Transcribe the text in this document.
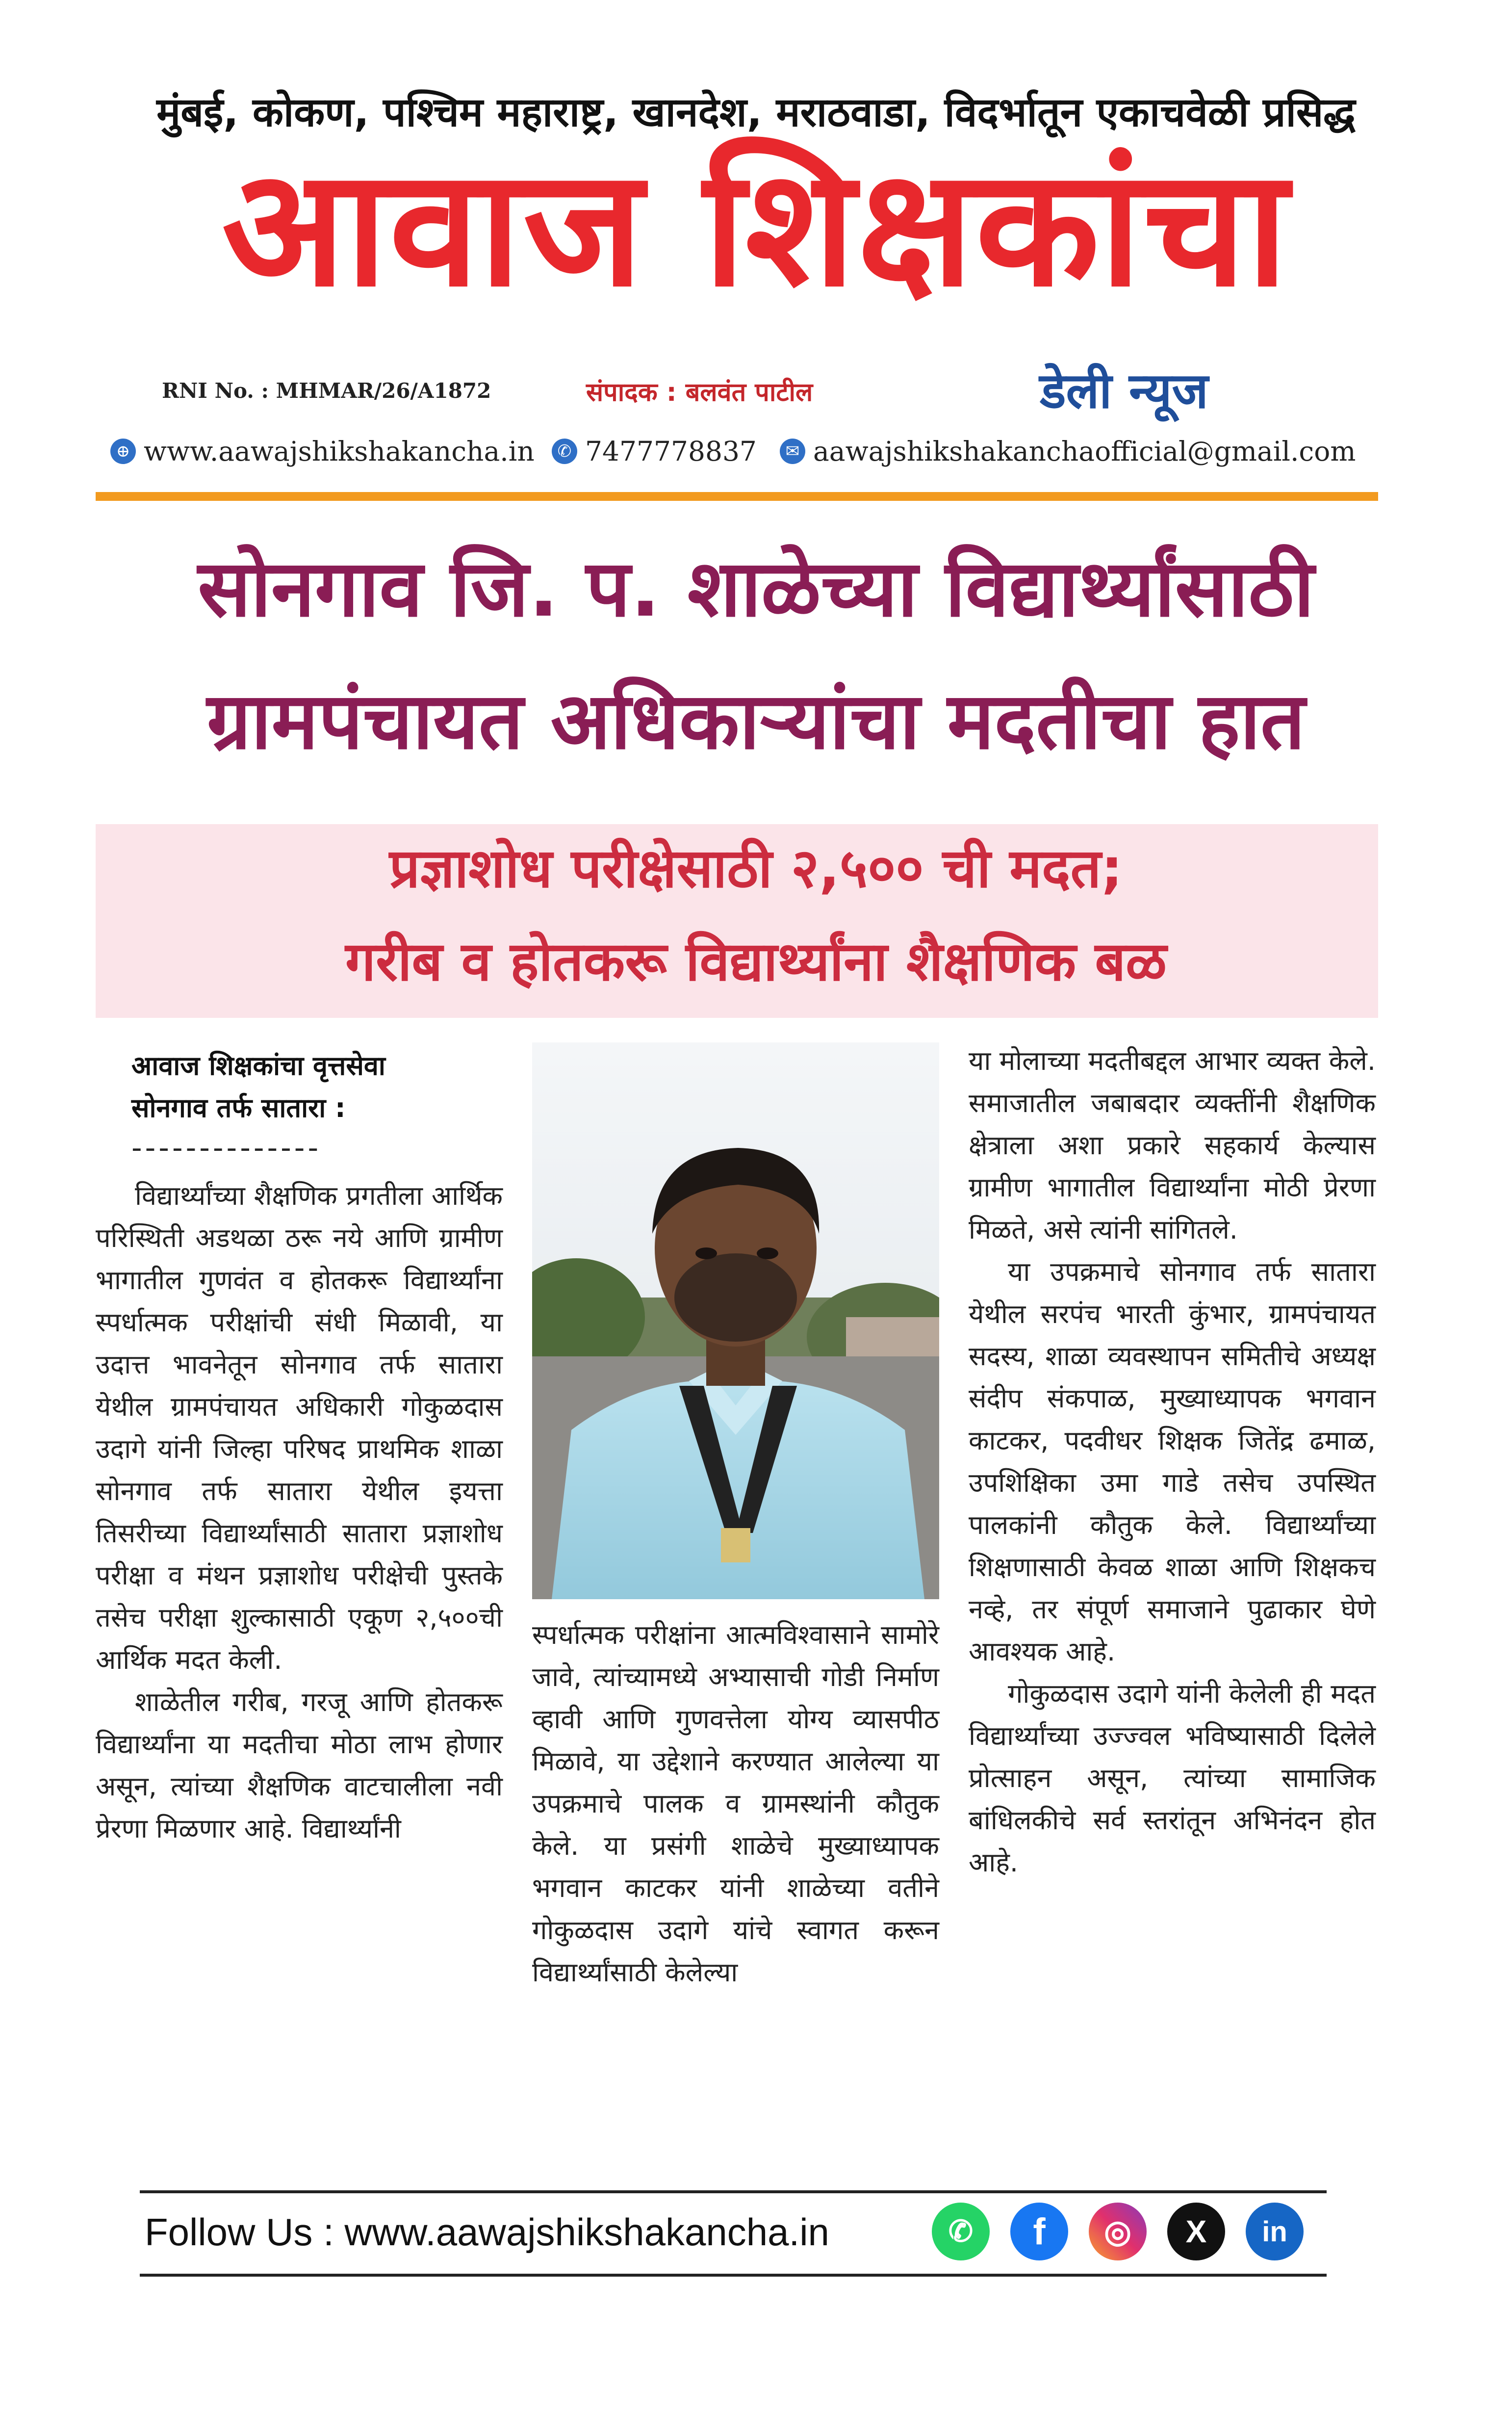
मुंबई, कोकण, पश्चिम महाराष्ट्र, खानदेश, मराठवाडा, विदर्भातून एकाचवेळी प्रसिद्ध
आवाज शिक्षकांचा
RNI No. : MHMAR/26/A1872	संपादक : बलवंत पाटील	डेली न्यूज
⊕ www.aawajshikshakancha.in	✆ 7477778837	✉ aawajshikshakanchaofficial@gmail.com
सोनगाव जि. प. शाळेच्या विद्यार्थ्यांसाठी
ग्रामपंचायत अधिकाऱ्यांचा मदतीचा हात
प्रज्ञाशोध परीक्षेसाठी २,५०० ची मदत;
गरीब व होतकरू विद्यार्थ्यांना शैक्षणिक बळ
आवाज शिक्षकांचा वृत्तसेवा
सोनगाव तर्फ सातारा :
--------------

विद्यार्थ्यांच्या शैक्षणिक प्रगतीला आर्थिक परिस्थिती अडथळा ठरू नये आणि ग्रामीण भागातील गुणवंत व होतकरू विद्यार्थ्यांना स्पर्धात्मक परीक्षांची संधी मिळावी, या उदात्त भावनेतून सोनगाव तर्फ सातारा येथील ग्रामपंचायत अधिकारी गोकुळदास उदागे यांनी जिल्हा परिषद प्राथमिक शाळा सोनगाव तर्फ सातारा येथील इयत्ता तिसरीच्या विद्यार्थ्यांसाठी सातारा प्रज्ञाशोध परीक्षा व मंथन प्रज्ञाशोध परीक्षेची पुस्तके तसेच परीक्षा शुल्कासाठी एकूण २,५००ची आर्थिक मदत केली.

शाळेतील गरीब, गरजू आणि होतकरू विद्यार्थ्यांना या मदतीचा मोठा लाभ होणार असून, त्यांच्या शैक्षणिक वाटचालीला नवी प्रेरणा मिळणार आहे. विद्यार्थ्यांनी

स्पर्धात्मक परीक्षांना आत्मविश्वासाने सामोरे जावे, त्यांच्यामध्ये अभ्यासाची गोडी निर्माण व्हावी आणि गुणवत्तेला योग्य व्यासपीठ मिळावे, या उद्देशाने करण्यात आलेल्या या उपक्रमाचे पालक व ग्रामस्थांनी कौतुक केले. या प्रसंगी शाळेचे मुख्याध्यापक भगवान काटकर यांनी शाळेच्या वतीने गोकुळदास उदागे यांचे स्वागत करून विद्यार्थ्यांसाठी केलेल्या

या मोलाच्या मदतीबद्दल आभार व्यक्त केले. समाजातील जबाबदार व्यक्तींनी शैक्षणिक क्षेत्राला अशा प्रकारे सहकार्य केल्यास ग्रामीण भागातील विद्यार्थ्यांना मोठी प्रेरणा मिळते, असे त्यांनी सांगितले.

या उपक्रमाचे सोनगाव तर्फ सातारा येथील सरपंच भारती कुंभार, ग्रामपंचायत सदस्य, शाळा व्यवस्थापन समितीचे अध्यक्ष संदीप संकपाळ, मुख्याध्यापक भगवान काटकर, पदवीधर शिक्षक जितेंद्र ढमाळ, उपशिक्षिका उमा गाडे तसेच उपस्थित पालकांनी कौतुक केले. विद्यार्थ्यांच्या शिक्षणासाठी केवळ शाळा आणि शिक्षकच नव्हे, तर संपूर्ण समाजाने पुढाकार घेणे आवश्यक आहे.

गोकुळदास उदागे यांनी केलेली ही मदत विद्यार्थ्यांच्या उज्ज्वल भविष्यासाठी दिलेले प्रोत्साहन असून, त्यांच्या सामाजिक बांधिलकीचे सर्व स्तरांतून अभिनंदन होत आहे.

Follow Us : www.aawajshikshakancha.in	✆	f	◎	X	in
